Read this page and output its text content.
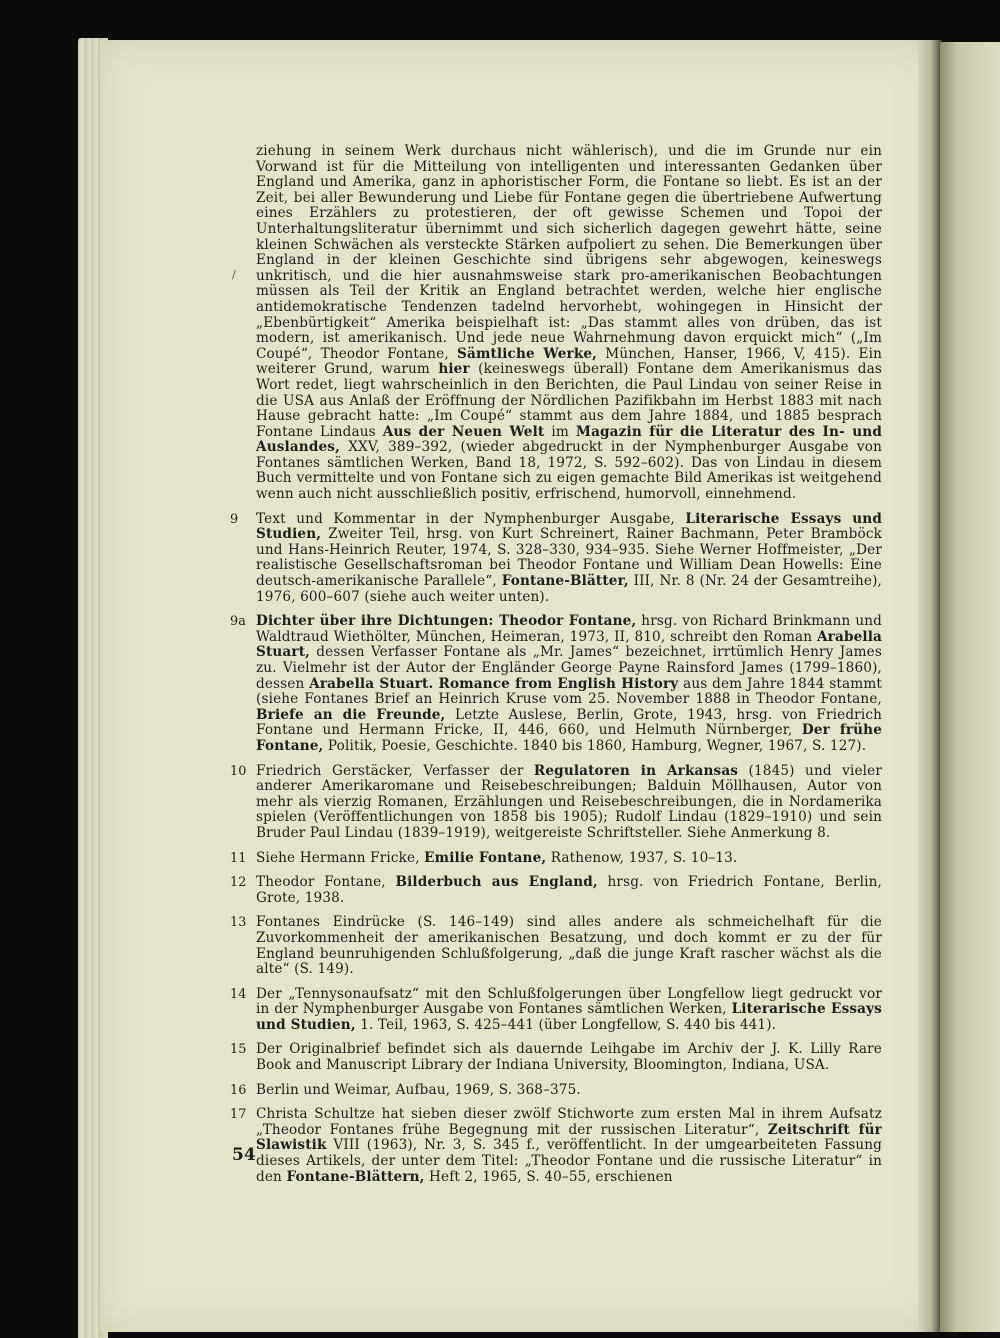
/

ziehung in seinem Werk durchaus nicht wählerisch), und die im Grunde nur ein Vorwand ist für die Mitteilung von intelligenten und interessanten Gedanken über England und Amerika, ganz in aphoristischer Form, die Fontane so liebt. Es ist an der Zeit, bei aller Bewunderung und Liebe für Fontane gegen die übertriebene Aufwertung eines Erzählers zu protestieren, der oft gewisse Schemen und Topoi der Unterhaltungsliteratur übernimmt und sich sicherlich dagegen gewehrt hätte, seine kleinen Schwächen als versteckte Stärken aufpoliert zu sehen. Die Bemerkungen über England in der kleinen Geschichte sind übrigens sehr abgewogen, keineswegs unkritisch, und die hier ausnahmsweise stark pro-amerikanischen Beobachtungen müssen als Teil der Kritik an England betrachtet werden, welche hier englische antidemokratische Tendenzen tadelnd hervorhebt, wohingegen in Hinsicht der „Ebenbürtigkeit“ Amerika beispielhaft ist: „Das stammt alles von drüben, das ist modern, ist amerikanisch. Und jede neue Wahrnehmung davon erquickt mich“ („Im Coupé“, Theodor Fontane, Sämtliche Werke, München, Hanser, 1966, V, 415). Ein weiterer Grund, warum hier (keineswegs überall) Fontane dem Amerikanismus das Wort redet, liegt wahrscheinlich in den Berichten, die Paul Lindau von seiner Reise in die USA aus Anlaß der Eröffnung der Nördlichen Pazifikbahn im Herbst 1883 mit nach Hause gebracht hatte: „Im Coupé“ stammt aus dem Jahre 1884, und 1885 besprach Fontane Lindaus Aus der Neuen Welt im Magazin für die Literatur des In- und Auslandes, XXV, 389–392, (wieder abgedruckt in der Nymphenburger Ausgabe von Fontanes sämtlichen Werken, Band 18, 1972, S. 592–602). Das von Lindau in diesem Buch vermittelte und von Fontane sich zu eigen gemachte Bild Amerikas ist weitgehend wenn auch nicht ausschließlich positiv, erfrischend, humorvoll, einnehmend.

9	Text und Kommentar in der Nymphenburger Ausgabe, Literarische Essays und Studien, Zweiter Teil, hrsg. von Kurt Schreinert, Rainer Bachmann, Peter Bramböck und Hans-Heinrich Reuter, 1974, S. 328–330, 934–935. Siehe Werner Hoffmeister, „Der realistische Gesellschaftsroman bei Theodor Fontane und William Dean Howells: Eine deutsch-amerikanische Parallele“, Fontane-Blätter, III, Nr. 8 (Nr. 24 der Gesamtreihe), 1976, 600–607 (siehe auch weiter unten).
9a Dichter über ihre Dichtungen: Theodor Fontane, hrsg. von Richard Brinkmann und Waldtraud Wiethölter, München, Heimeran, 1973, II, 810, schreibt den Roman Arabella Stuart, dessen Verfasser Fontane als „Mr. James“ bezeichnet, irrtümlich Henry James zu. Vielmehr ist der Autor der Engländer George Payne Rainsford James (1799–1860), dessen Arabella Stuart. Romance from English History aus dem Jahre 1844 stammt (siehe Fontanes Brief an Heinrich Kruse vom 25. November 1888 in Theodor Fontane, Briefe an die Freunde, Letzte Auslese, Berlin, Grote, 1943, hrsg. von Friedrich Fontane und Hermann Fricke, II, 446, 660, und Helmuth Nürnberger, Der frühe Fontane, Politik, Poesie, Geschichte. 1840 bis 1860, Hamburg, Wegner, 1967, S. 127).
10 Friedrich Gerstäcker, Verfasser der Regulatoren in Arkansas (1845) und vieler anderer Amerikaromane und Reisebeschreibungen; Balduin Möllhausen, Autor von mehr als vierzig Romanen, Erzählungen und Reisebeschreibungen, die in Nordamerika spielen (Veröffentlichungen von 1858 bis 1905); Rudolf Lindau (1829–1910) und sein Bruder Paul Lindau (1839–1919), weitgereiste Schriftsteller. Siehe Anmerkung 8.
11 Siehe Hermann Fricke, Emilie Fontane, Rathenow, 1937, S. 10–13.
12 Theodor Fontane, Bilderbuch aus England, hrsg. von Friedrich Fontane, Berlin, Grote, 1938.
13 Fontanes Eindrücke (S. 146–149) sind alles andere als schmeichelhaft für die Zuvorkommenheit der amerikanischen Besatzung, und doch kommt er zu der für England beunruhigenden Schlußfolgerung, „daß die junge Kraft rascher wächst als die alte“ (S. 149).
14 Der „Tennysonaufsatz“ mit den Schlußfolgerungen über Longfellow liegt gedruckt vor in der Nymphenburger Ausgabe von Fontanes sämtlichen Werken, Literarische Essays und Studien, 1. Teil, 1963, S. 425–441 (über Longfellow, S. 440 bis 441).
15 Der Originalbrief befindet sich als dauernde Leihgabe im Archiv der J. K. Lilly Rare Book and Manuscript Library der Indiana University, Bloomington, Indiana, USA.
16 Berlin und Weimar, Aufbau, 1969, S. 368–375.
17 Christa Schultze hat sieben dieser zwölf Stichworte zum ersten Mal in ihrem Aufsatz „Theodor Fontanes frühe Begegnung mit der russischen Literatur“, Zeitschrift für Slawistik VIII (1963), Nr. 3, S. 345 f., veröffentlicht. In der umgearbeiteten Fassung dieses Artikels, der unter dem Titel: „Theodor Fontane und die russische Literatur“ in den Fontane-Blättern, Heft 2, 1965, S. 40–55, erschienen
54
